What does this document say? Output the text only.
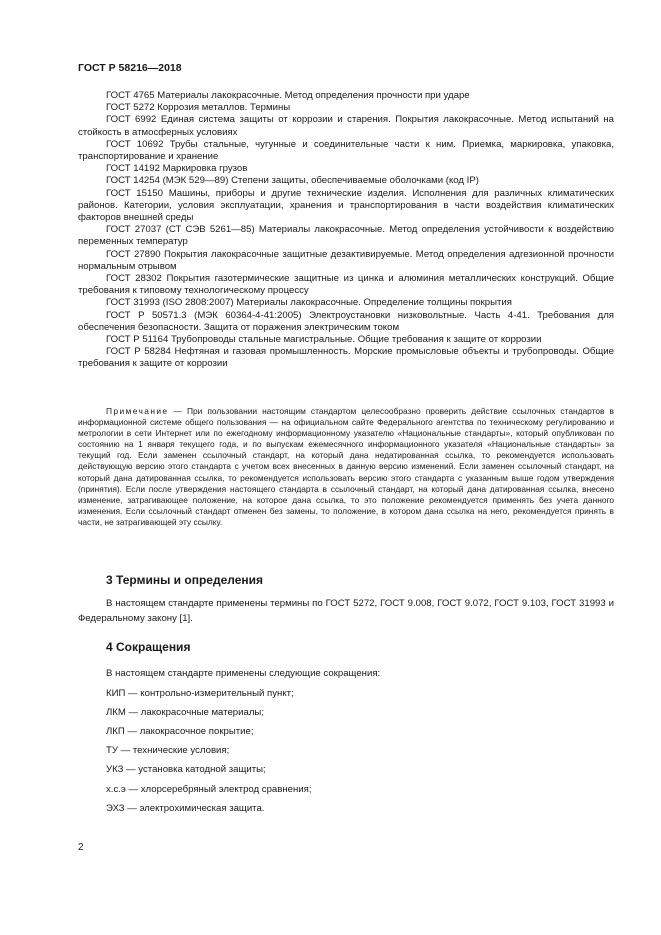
ГОСТ Р 58216—2018

ГОСТ 4765 Материалы лакокрасочные. Метод определения прочности при ударе

ГОСТ 5272 Коррозия металлов. Термины

ГОСТ 6992 Единая система защиты от коррозии и старения. Покрытия лакокрасочные. Метод испытаний на стойкость в атмосферных условиях

ГОСТ 10692 Трубы стальные, чугунные и соединительные части к ним. Приемка, маркировка, упаковка, транспортирование и хранение

ГОСТ 14192 Маркировка грузов

ГОСТ 14254 (МЭК 529—89) Степени защиты, обеспечиваемые оболочками (код IP)

ГОСТ 15150 Машины, приборы и другие технические изделия. Исполнения для различных климатических районов. Категории, условия эксплуатации, хранения и транспортирования в части воздействия климатических факторов внешней среды

ГОСТ 27037 (СТ СЭВ 5261—85) Материалы лакокрасочные. Метод определения устойчивости к воздействию переменных температур

ГОСТ 27890 Покрытия лакокрасочные защитные дезактивируемые. Метод определения адгезионной прочности нормальным отрывом

ГОСТ 28302 Покрытия газотермические защитные из цинка и алюминия металлических конструкций. Общие требования к типовому технологическому процессу

ГОСТ 31993 (ISO 2808:2007) Материалы лакокрасочные. Определение толщины покрытия

ГОСТ Р 50571.3 (МЭК 60364-4-41:2005) Электроустановки низковольтные. Часть 4-41. Требования для обеспечения безопасности. Защита от поражения электрическим током

ГОСТ Р 51164 Трубопроводы стальные магистральные. Общие требования к защите от коррозии

ГОСТ Р 58284 Нефтяная и газовая промышленность. Морские промысловые объекты и трубопроводы. Общие требования к защите от коррозии

Примечание — При пользовании настоящим стандартом целесообразно проверить действие ссылочных стандартов в информационной системе общего пользования — на официальном сайте Федерального агентства по техническому регулированию и метрологии в сети Интернет или по ежегодному информационному указателю «Национальные стандарты», который опубликован по состоянию на 1 января текущего года, и по выпускам ежемесячного информационного указателя «Национальные стандарты» за текущий год. Если заменен ссылочный стандарт, на который дана недатированная ссылка, то рекомендуется использовать действующую версию этого стандарта с учетом всех внесенных в данную версию изменений. Если заменен ссылочный стандарт, на который дана датированная ссылка, то рекомендуется использовать версию этого стандарта с указанным выше годом утверждения (принятия). Если после утверждения настоящего стандарта в ссылочный стандарт, на который дана датированная ссылка, внесено изменение, затрагивающее положение, на которое дана ссылка, то это положение рекомендуется применять без учета данного изменения. Если ссылочный стандарт отменен без замены, то положение, в котором дана ссылка на него, рекомендуется принять в части, не затрагивающей эту ссылку.

3 Термины и определения

В настоящем стандарте применены термины по ГОСТ 5272, ГОСТ 9.008, ГОСТ 9.072, ГОСТ 9.103, ГОСТ 31993 и Федеральному закону [1].

4 Сокращения

В настоящем стандарте применены следующие сокращения:

КИП — контрольно-измерительный пункт;

ЛКМ — лакокрасочные материалы;

ЛКП — лакокрасочное покрытие;

ТУ — технические условия;

УКЗ — установка катодной защиты;

х.с.э — хлорсеребряный электрод сравнения;

ЭХЗ — электрохимическая защита.

2
